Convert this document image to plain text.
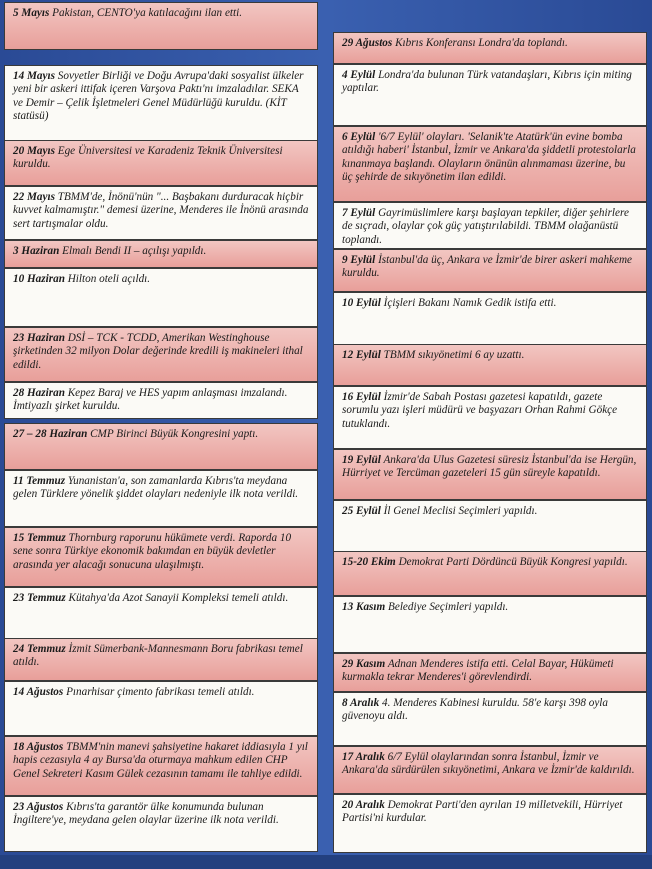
5 Mayıs Pakistan, CENTO'ya katılacağını ilan etti.
14 Mayıs Sovyetler Birliği ve Doğu Avrupa'daki sosyalist ülkeler yeni bir askeri ittifak içeren Varşova Paktı'nı imzaladılar. SEKA ve Demir – Çelik İşletmeleri Genel Müdürlüğü kuruldu. (KİT statüsü)
20 Mayıs Ege Üniversitesi ve Karadeniz Teknik Üniversitesi kuruldu.
22 Mayıs TBMM'de, İnönü'nün "... Başbakanı durduracak hiçbir kuvvet kalmamıştır." demesi üzerine, Menderes ile İnönü arasında sert tartışmalar oldu.
3 Haziran Elmalı Bendi II – açılışı yapıldı.
10 Haziran Hilton oteli açıldı.
23 Haziran DSİ – TCK - TCDD, Amerikan Westinghouse şirketinden 32 milyon Dolar değerinde kredili iş makineleri ithal edildi.
28 Haziran Kepez Baraj ve HES yapım anlaşması imzalandı. İmtiyazlı şirket kuruldu.
27 – 28 Haziran CMP Birinci Büyük Kongresini yaptı.
11 Temmuz Yunanistan'a, son zamanlarda Kıbrıs'ta meydana gelen Türklere yönelik şiddet olayları nedeniyle ilk nota verildi.
15 Temmuz Thornburg raporunu hükümete verdi. Raporda 10 sene sonra Türkiye ekonomik bakımdan en büyük devletler arasında yer alacağı sonucuna ulaşılmıştı.
23 Temmuz Kütahya'da Azot Sanayii Kompleksi temeli atıldı.
24 Temmuz İzmit Sümerbank-Mannesmann Boru fabrikası temel atıldı.
14 Ağustos Pınarhisar çimento fabrikası temeli atıldı.
18 Ağustos TBMM'nin manevi şahsiyetine hakaret iddiasıyla 1 yıl hapis cezasıyla 4 ay Bursa'da oturmaya mahkum edilen CHP Genel Sekreteri Kasım Gülek cezasının tamamı ile tahliye edildi.
23 Ağustos Kıbrıs'ta garantör ülke konumunda bulunan İngiltere'ye, meydana gelen olaylar üzerine ilk nota verildi.
29 Ağustos Kıbrıs Konferansı Londra'da toplandı.
4 Eylül Londra'da bulunan Türk vatandaşları, Kıbrıs için miting yaptılar.
6 Eylül '6/7 Eylül' olayları. 'Selanik'te Atatürk'ün evine bomba atıldığı haberi' İstanbul, İzmir ve Ankara'da şiddetli protestolarla kınanmaya başlandı. Olayların önünün alınmaması üzerine, bu üç şehirde de sıkıyönetim ilan edildi.
7 Eylül Gayrimüslimlere karşı başlayan tepkiler, diğer şehirlere de sıçradı, olaylar çok güç yatıştırılabildi. TBMM olağanüstü toplandı.
9 Eylül İstanbul'da üç, Ankara ve İzmir'de birer askeri mahkeme kuruldu.
10 Eylül İçişleri Bakanı Namık Gedik istifa etti.
12 Eylül TBMM sıkıyönetimi 6 ay uzattı.
16 Eylül İzmir'de Sabah Postası gazetesi kapatıldı, gazete sorumlu yazı işleri müdürü ve başyazarı Orhan Rahmi Gökçe tutuklandı.
19 Eylül Ankara'da Ulus Gazetesi süresiz İstanbul'da ise Hergün, Hürriyet ve Tercüman gazeteleri 15 gün süreyle kapatıldı.
25 Eylül İl Genel Meclisi Seçimleri yapıldı.
15-20 Ekim Demokrat Parti Dördüncü Büyük Kongresi yapıldı.
13 Kasım Belediye Seçimleri yapıldı.
29 Kasım Adnan Menderes istifa etti. Celal Bayar, Hükümeti kurmakla tekrar Menderes'i görevlendirdi.
8 Aralık 4. Menderes Kabinesi kuruldu. 58'e karşı 398 oyla güvenoyu aldı.
17 Aralık 6/7 Eylül olaylarından sonra İstanbul, İzmir ve Ankara'da sürdürülen sıkıyönetimi, Ankara ve İzmir'de kaldırıldı.
20 Aralık Demokrat Parti'den ayrılan 19 milletvekili, Hürriyet Partisi'ni kurdular.
